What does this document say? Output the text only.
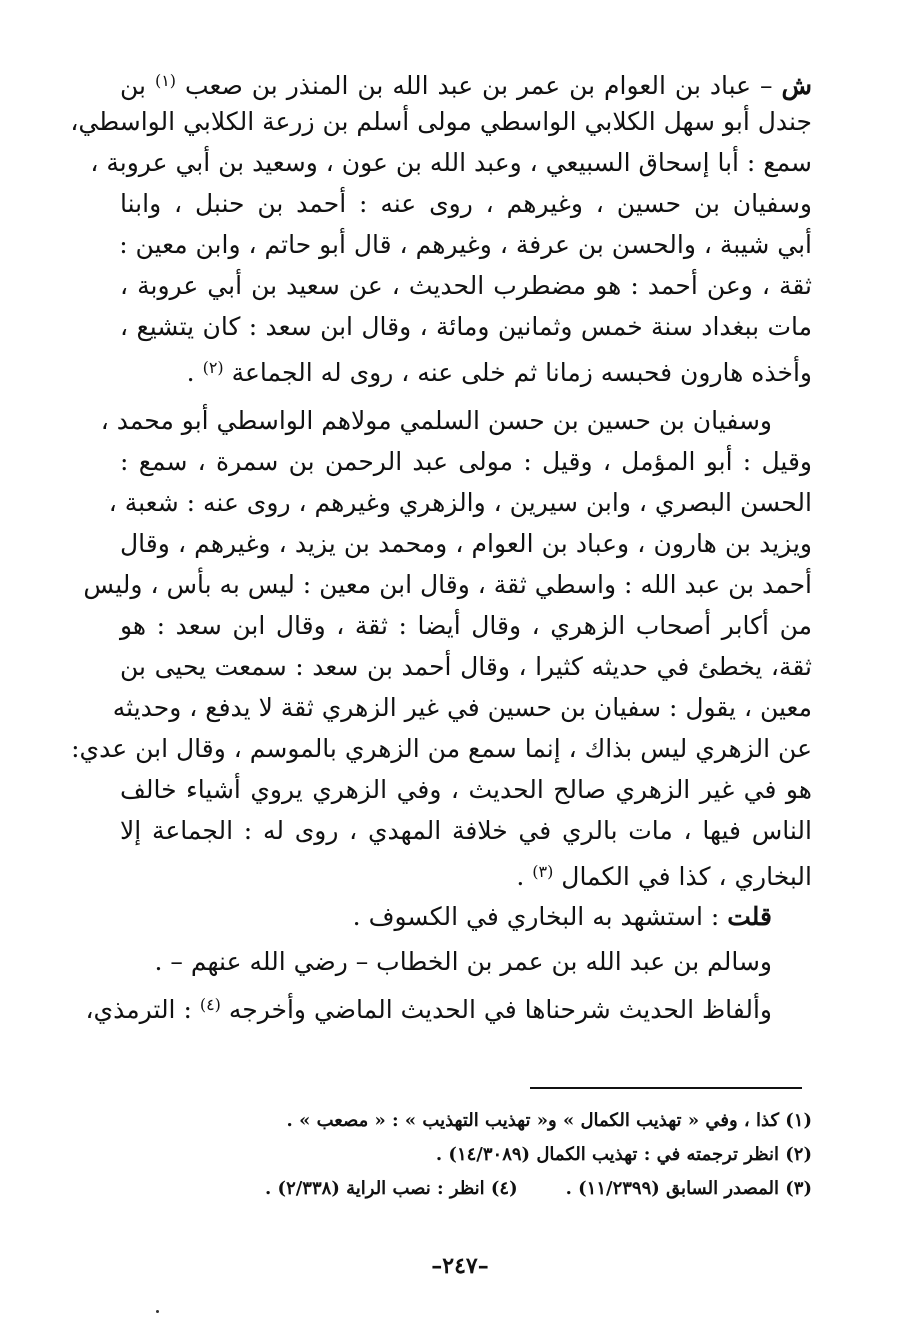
ش – عباد بن العوام بن عمر بن عبد الله بن المنذر بن صعب $^{(١)}$ بن
جندل أبو سهل الكلابي الواسطي مولى أسلم بن زرعة الكلابي الواسطي،
سمع : أبا إسحاق السبيعي ، وعبد الله بن عون ، وسعيد بن أبي عروبة ،
وسفيان بن حسين ، وغيرهم ، روى عنه : أحمد بن حنبل ، وابنا
أبي شيبة ، والحسن بن عرفة ، وغيرهم ، قال أبو حاتم ، وابن معين :
ثقة ، وعن أحمد : هو مضطرب الحديث ، عن سعيد بن أبي عروبة ،
مات ببغداد سنة خمس وثمانين ومائة ، وقال ابن سعد : كان يتشيع ،
وأخذه هارون فحبسه زمانا ثم خلى عنه ، روى له الجماعة $^{(٢)}$ .
وسفيان بن حسين بن حسن السلمي مولاهم الواسطي أبو محمد ،
وقيل : أبو المؤمل ، وقيل : مولى عبد الرحمن بن سمرة ، سمع :
الحسن البصري ، وابن سيرين ، والزهري وغيرهم ، روى عنه : شعبة ،
ويزيد بن هارون ، وعباد بن العوام ، ومحمد بن يزيد ، وغيرهم ، وقال
أحمد بن عبد الله : واسطي ثقة ، وقال ابن معين : ليس به بأس ، وليس
من أكابر أصحاب الزهري ، وقال أيضا : ثقة ، وقال ابن سعد : هو
ثقة، يخطئ في حديثه كثيرا ، وقال أحمد بن سعد : سمعت يحيى بن
معين ، يقول : سفيان بن حسين في غير الزهري ثقة لا يدفع ، وحديثه
عن الزهري ليس بذاك ، إنما سمع من الزهري بالموسم ، وقال ابن عدي:
هو في غير الزهري صالح الحديث ، وفي الزهري يروي أشياء خالف
الناس فيها ، مات بالري في خلافة المهدي ، روى له : الجماعة إلا
البخاري ، كذا في الكمال $^{(٣)}$ .
قلت : استشهد به البخاري في الكسوف .
وسالم بن عبد الله بن عمر بن الخطاب – رضي الله عنهم – .
وألفاظ الحديث شرحناها في الحديث الماضي وأخرجه $^{(٤)}$ : الترمذي،
(١) كذا ، وفي « تهذيب الكمال » و« تهذيب التهذيب » : « مصعب » .
(٢) انظر ترجمته في : تهذيب الكمال (١٤/٣٠٨٩) .
(٣) المصدر السابق (١١/٢٣٩٩) .(٤) انظر : نصب الراية (٢/٣٣٨) .
–٢٤٧–
